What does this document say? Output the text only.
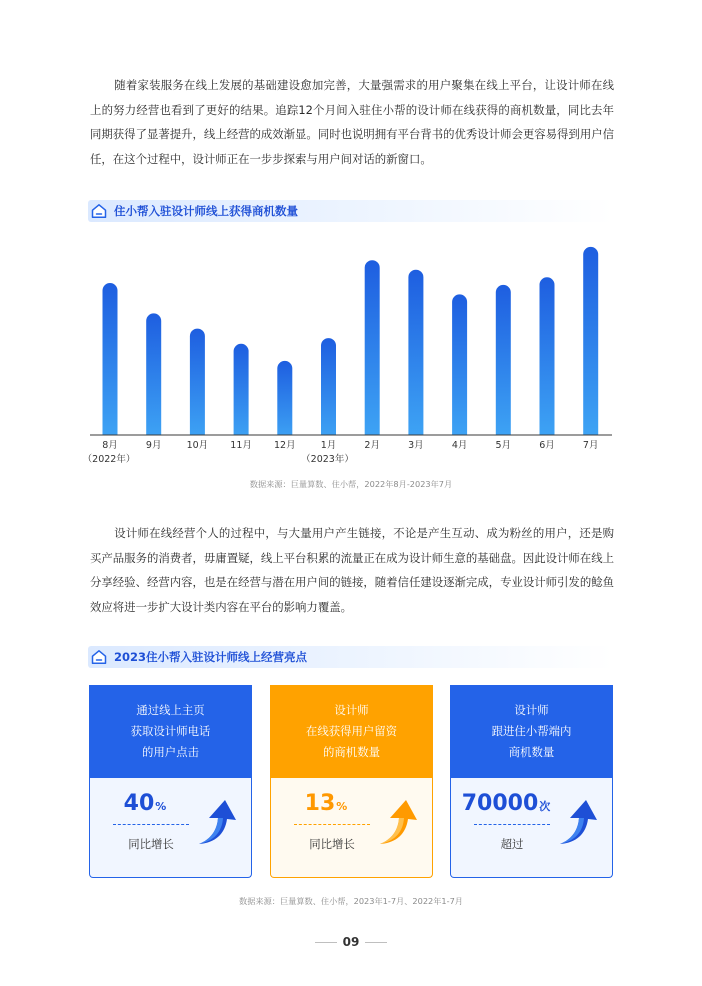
随着家装服务在线上发展的基础建设愈加完善，大量强需求的用户聚集在线上平台，让设计师在线上的努力经营也看到了更好的结果。追踪12个月间入驻住小帮的设计师在线获得的商机数量，同比去年同期获得了显著提升，线上经营的成效渐显。同时也说明拥有平台背书的优秀设计师会更容易得到用户信任，在这个过程中，设计师正在一步步探索与用户间对话的新窗口。
住小帮入驻设计师线上获得商机数量
8月
（2022年）
9月	10月 11月 12月	1月
（2023年）
2月	3月	4月	5月	6月	7月
数据来源：巨量算数、住小帮，2022年8月-2023年7月
设计师在线经营个人的过程中，与大量用户产生链接，不论是产生互动、成为粉丝的用户，还是购买产品服务的消费者，毋庸置疑，线上平台积累的流量正在成为设计师生意的基础盘。因此设计师在线上分享经验、经营内容，也是在经营与潜在用户间的链接，随着信任建设逐渐完成，专业设计师引发的鲶鱼效应将进一步扩大设计类内容在平台的影响力覆盖。
2023住小帮入驻设计师线上经营亮点
通过线上主页
获取设计师电话
的用户点击
40%
同比增长
设计师
在线获得用户留资
的商机数量
13%
同比增长
设计师
跟进住小帮端内
商机数量
70000次
超过
数据来源：巨量算数、住小帮，2023年1-7月、2022年1-7月
09
